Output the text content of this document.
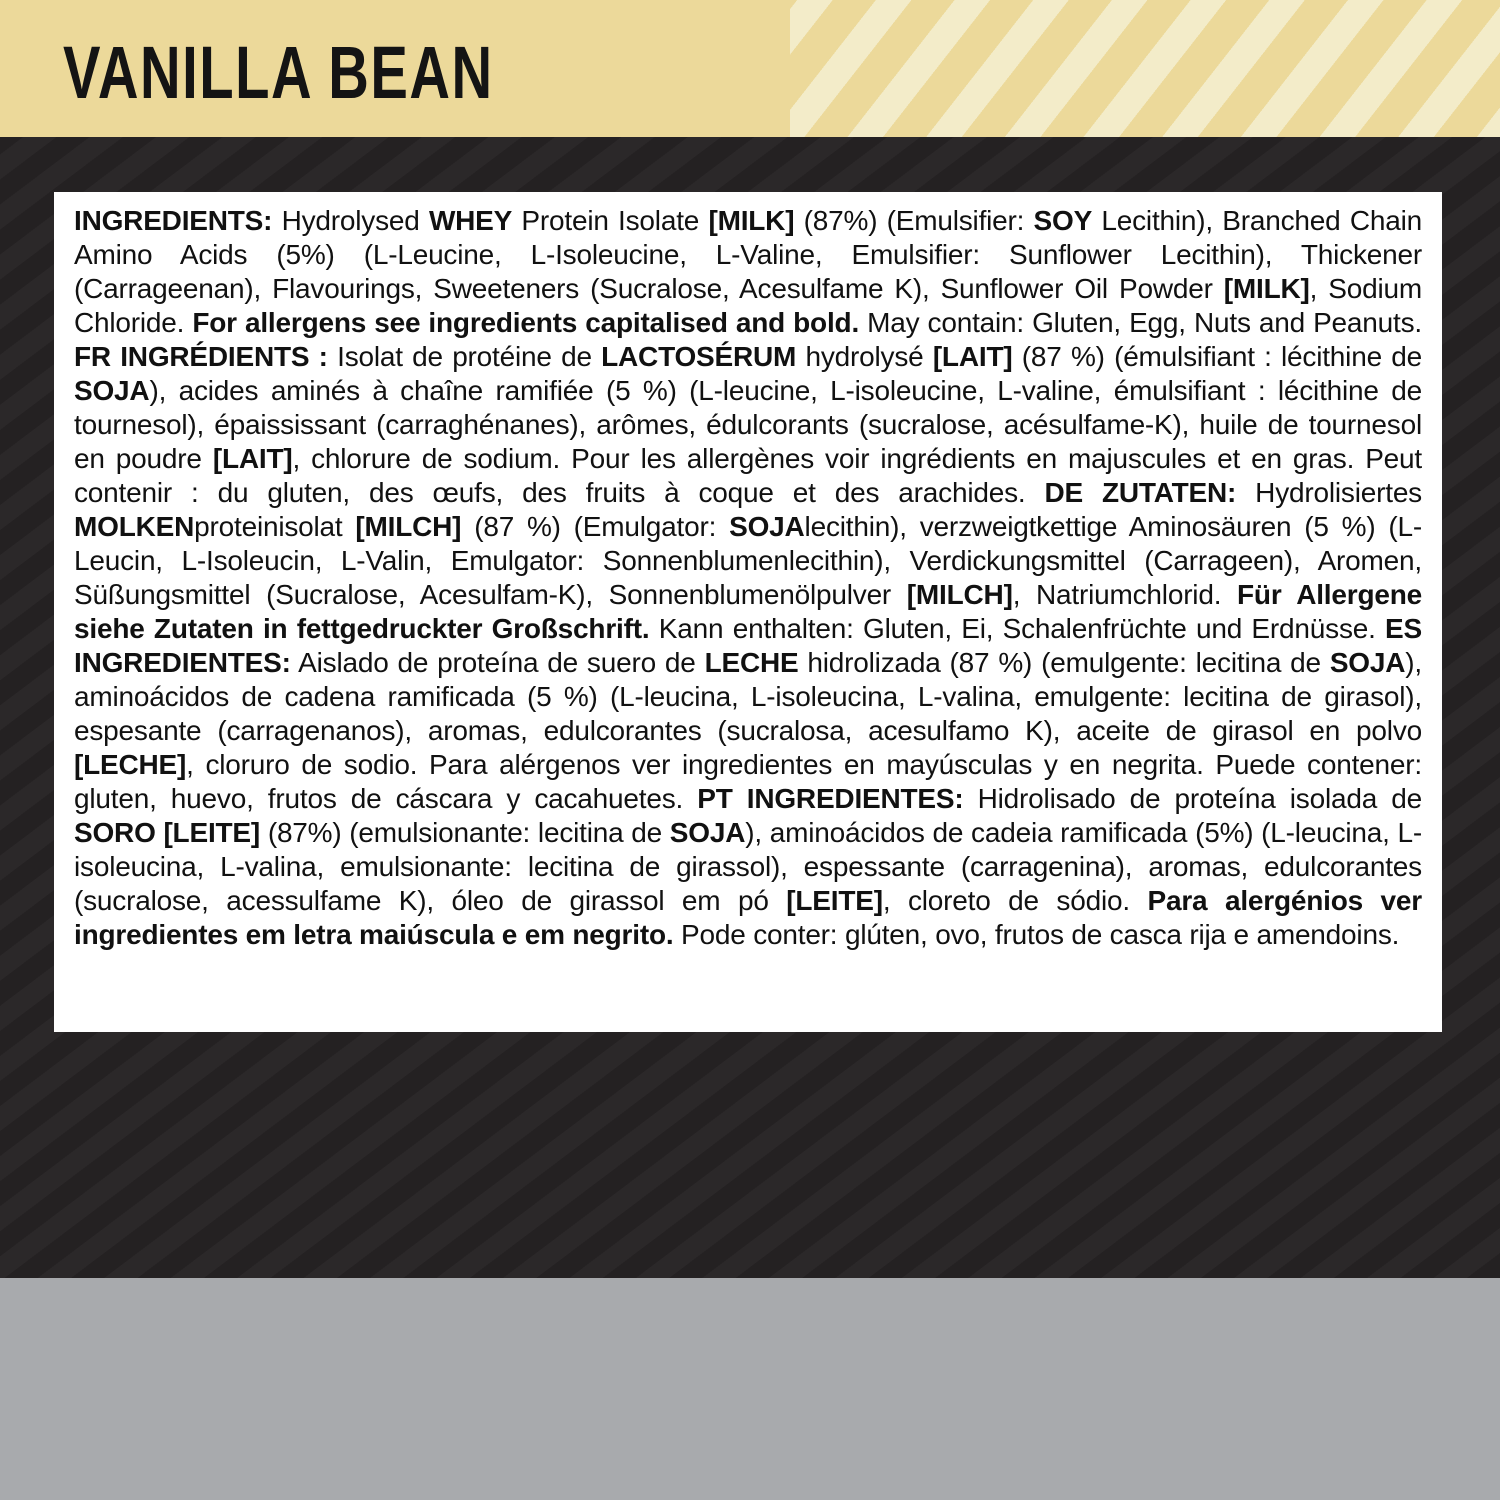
VANILLA BEAN

INGREDIENTS: Hydrolysed WHEY Protein Isolate [MILK] (87%) (Emulsifier: SOY Lecithin), Branched Chain Amino Acids (5%) (L-Leucine, L-Isoleucine, L-Valine, Emulsifier: Sunflower Lecithin), Thickener (Carrageenan), Flavourings, Sweeteners (Sucralose, Acesulfame K), Sunflower Oil Powder [MILK], Sodium Chloride. For allergens see ingredients capitalised and bold. May contain: Gluten, Egg, Nuts and Peanuts. FR INGRÉDIENTS : Isolat de protéine de LACTOSÉRUM hydrolysé [LAIT] (87 %) (émulsifiant : lécithine de SOJA), acides aminés à chaîne ramifiée (5 %) (L-leucine, L-isoleucine, L-valine, émulsifiant : lécithine de tournesol), épaississant (carraghénanes), arômes, édulcorants (sucralose, acésulfame-K), huile de tournesol en poudre [LAIT], chlorure de sodium. Pour les allergènes voir ingrédients en majuscules et en gras. Peut contenir : du gluten, des œufs, des fruits à coque et des arachides. DE ZUTATEN: Hydrolisiertes MOLKENproteinisolat [MILCH] (87 %) (Emulgator: SOJAlecithin), verzweigtkettige Aminosäuren (5 %) (L-Leucin, L-Isoleucin, L-Valin, Emulgator: Sonnenblumenlecithin), Verdickungsmittel (Carrageen), Aromen, Süßungsmittel (Sucralose, Acesulfam-K), Sonnenblumenölpulver [MILCH], Natriumchlorid. Für Allergene siehe Zutaten in fettgedruckter Großschrift. Kann enthalten: Gluten, Ei, Schalenfrüchte und Erdnüsse. ES INGREDIENTES: Aislado de proteína de suero de LECHE hidrolizada (87 %) (emulgente: lecitina de SOJA), aminoácidos de cadena ramificada (5 %) (L-leucina, L-isoleucina, L-valina, emulgente: lecitina de girasol), espesante (carragenanos), aromas, edulcorantes (sucralosa, acesulfamo K), aceite de girasol en polvo [LECHE], cloruro de sodio. Para alérgenos ver ingredientes en mayúsculas y en negrita. Puede contener: gluten, huevo, frutos de cáscara y cacahuetes. PT INGREDIENTES: Hidrolisado de proteína isolada de SORO [LEITE] (87%) (emulsionante: lecitina de SOJA), aminoácidos de cadeia ramificada (5%) (L-leucina, L-isoleucina, L-valina, emulsionante: lecitina de girassol), espessante (carragenina), aromas, edulcorantes (sucralose, acessulfame K), óleo de girassol em pó [LEITE], cloreto de sódio. Para alergénios ver ingredientes em letra maiúscula e em negrito. Pode conter: glúten, ovo, frutos de casca rija e amendoins.
